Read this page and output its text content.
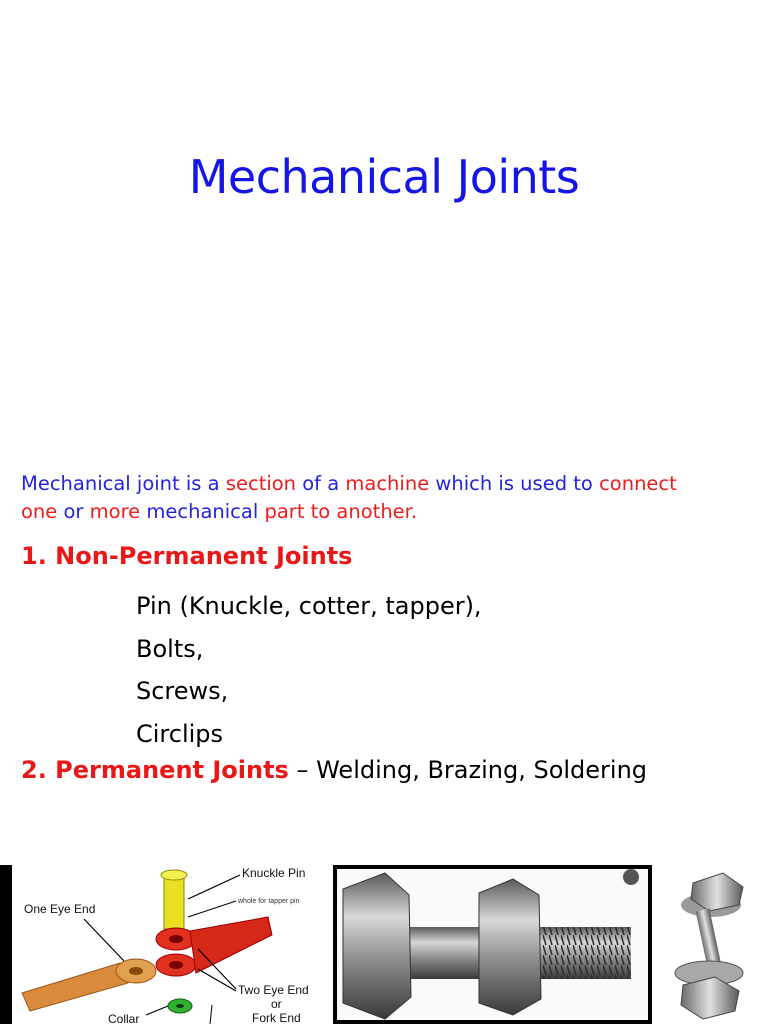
Mechanical Joints
Mechanical joint is a section of a machine which is used to connect
one or more mechanical part to another.
1. Non-Permanent Joints
Pin (Knuckle, cotter, tapper),
Bolts,
Screws,
Circlips
2. Permanent Joints – Welding, Brazing, Soldering
Knuckle Pin
whole for tapper pin
One Eye End
Two Eye End
or
Fork End
Collar
